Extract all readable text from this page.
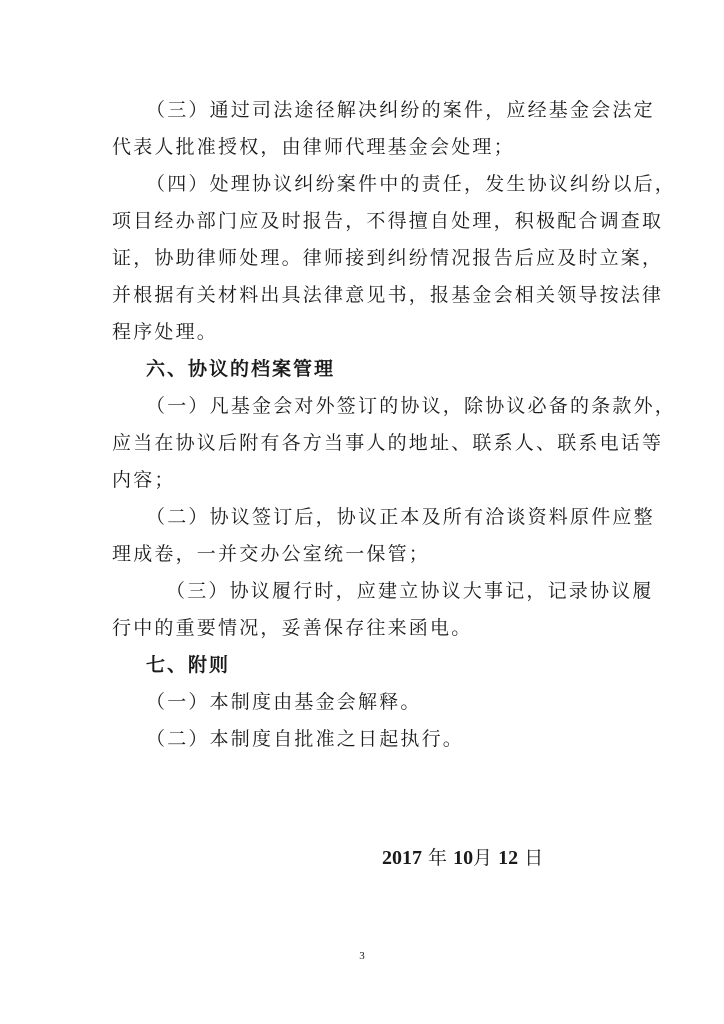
（三）通过司法途径解决纠纷的案件，应经基金会法定
代表人批准授权，由律师代理基金会处理；
（四）处理协议纠纷案件中的责任，发生协议纠纷以后，
项目经办部门应及时报告，不得擅自处理，积极配合调查取
证，协助律师处理。律师接到纠纷情况报告后应及时立案，
并根据有关材料出具法律意见书，报基金会相关领导按法律
程序处理。
六、协议的档案管理
（一）凡基金会对外签订的协议，除协议必备的条款外，
应当在协议后附有各方当事人的地址、联系人、联系电话等
内容；
（二）协议签订后，协议正本及所有洽谈资料原件应整
理成卷，一并交办公室统一保管；
（三）协议履行时，应建立协议大事记，记录协议履
行中的重要情况，妥善保存往来函电。
七、附则
（一）本制度由基金会解释。
（二）本制度自批准之日起执行。
2017 年 10月 12 日
3
